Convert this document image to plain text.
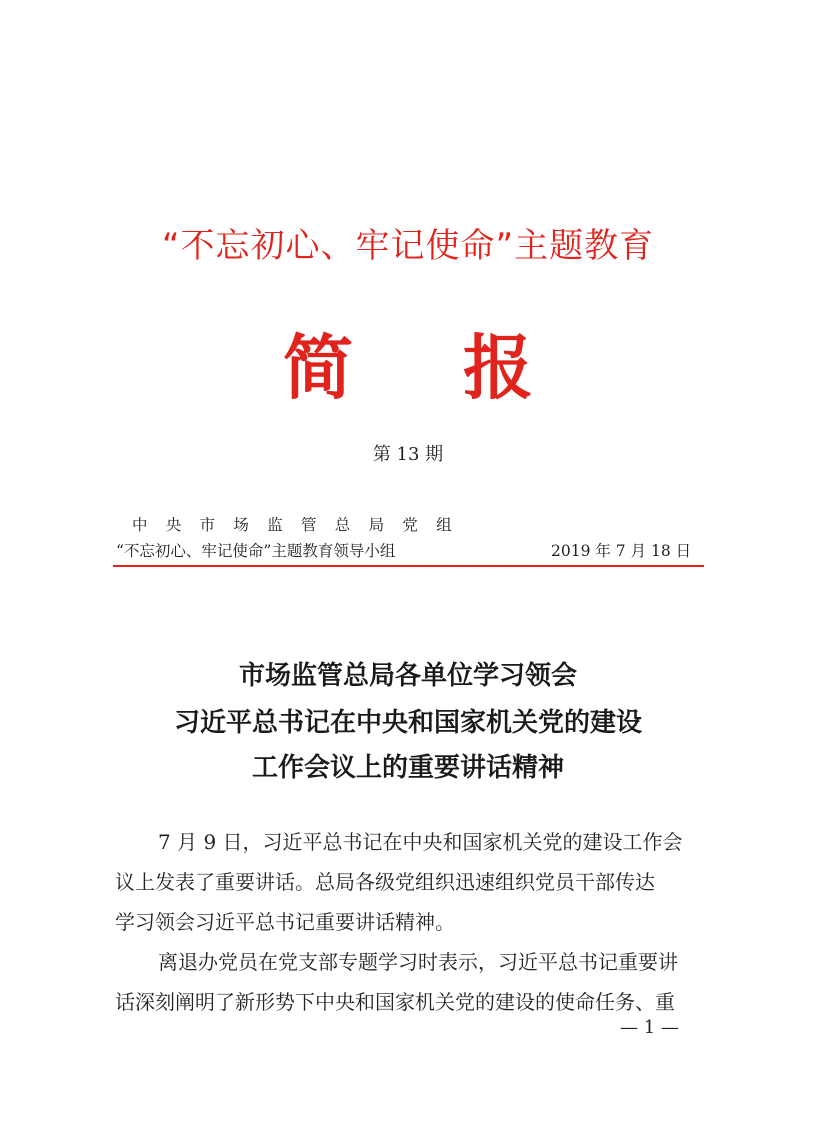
“不忘初心、牢记使命”主题教育
简 报
第 13 期
中央市场监管总局党组
“不忘初心、牢记使命”主题教育领导小组	2019 年 7 月 18 日
市场监管总局各单位学习领会
习近平总书记在中央和国家机关党的建设
工作会议上的重要讲话精神
7 月 9 日，习近平总书记在中央和国家机关党的建设工作会
议上发表了重要讲话。总局各级党组织迅速组织党员干部传达
学习领会习近平总书记重要讲话精神。
离退办党员在党支部专题学习时表示，习近平总书记重要讲
话深刻阐明了新形势下中央和国家机关党的建设的使命任务、重
— 1 —
